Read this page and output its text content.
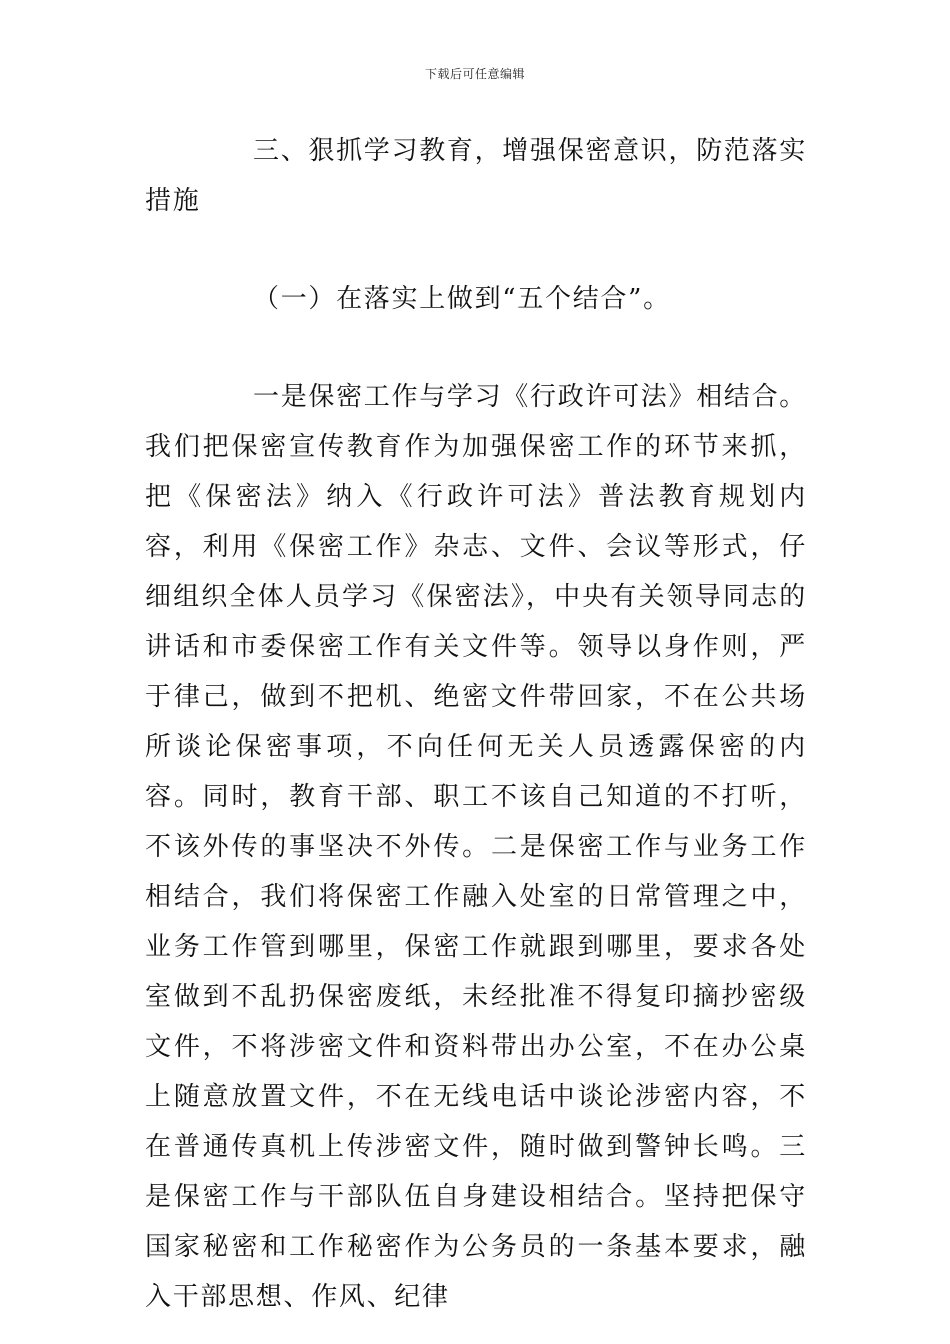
下载后可任意编辑

三、狠抓学习教育，增强保密意识，防范落实措施

（一）在落实上做到“五个结合”。

一是保密工作与学习《行政许可法》相结合。我们把保密宣传教育作为加强保密工作的环节来抓，把《保密法》纳入《行政许可法》普法教育规划内容，利用《保密工作》杂志、文件、会议等形式，仔细组织全体人员学习《保密法》，中央有关领导同志的讲话和市委保密工作有关文件等。领导以身作则，严于律己，做到不把机、绝密文件带回家，不在公共场所谈论保密事项，不向任何无关人员透露保密的内容。同时，教育干部、职工不该自己知道的不打听，不该外传的事坚决不外传。二是保密工作与业务工作相结合，我们将保密工作融入处室的日常管理之中，业务工作管到哪里，保密工作就跟到哪里，要求各处室做到不乱扔保密废纸，未经批准不得复印摘抄密级文件，不将涉密文件和资料带出办公室，不在办公桌上随意放置文件，不在无线电话中谈论涉密内容，不在普通传真机上传涉密文件，随时做到警钟长鸣。三是保密工作与干部队伍自身建设相结合。坚持把保守国家秘密和工作秘密作为公务员的一条基本要求，融入干部思想、作风、纪律
